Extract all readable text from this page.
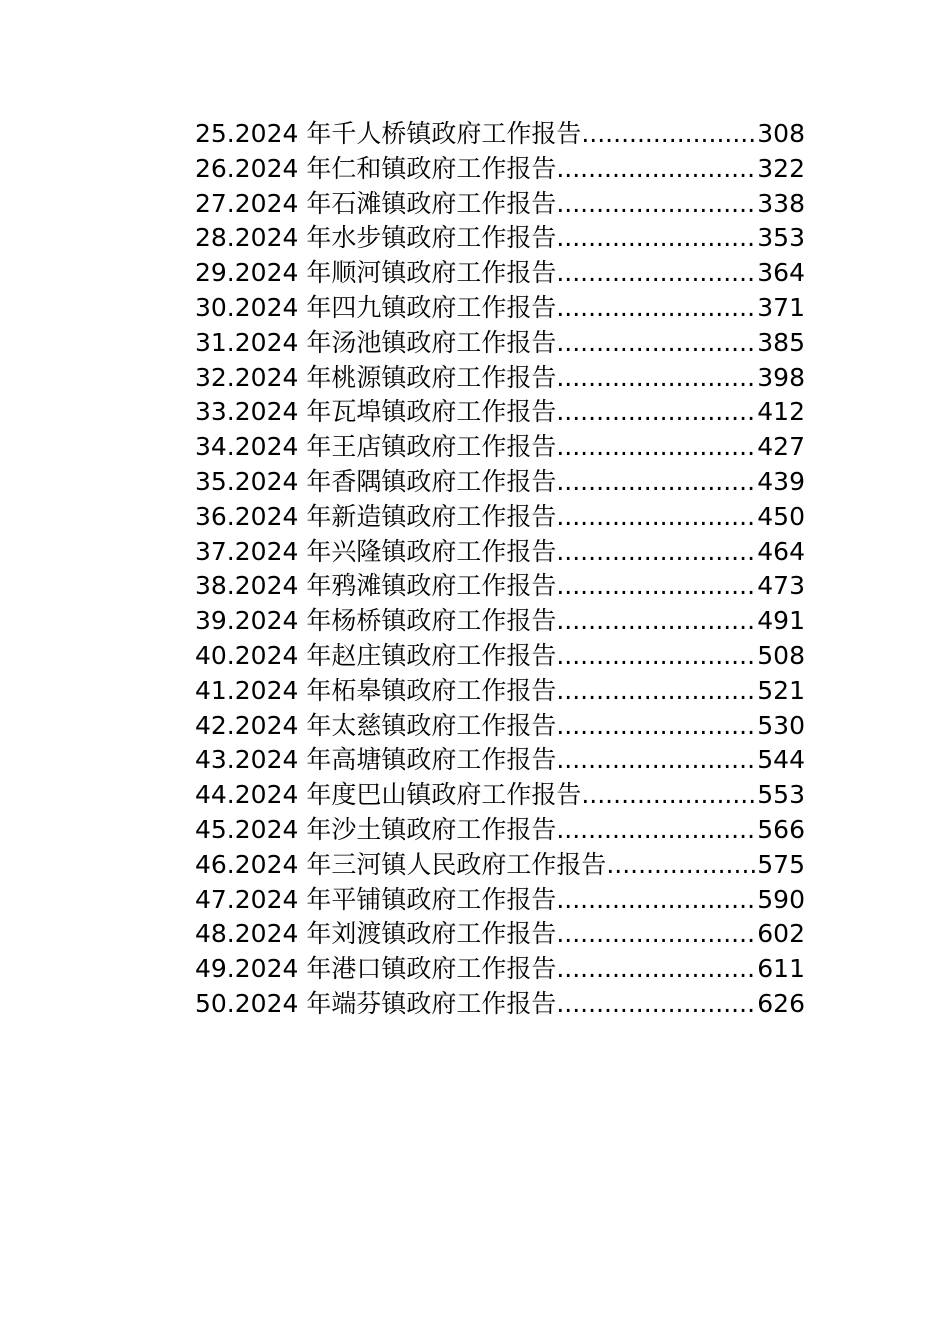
25.2024 年千人桥镇政府工作报告 .....	308
26.2024 年仁和镇政府工作报告 .....	322
27.2024 年石滩镇政府工作报告 .....	338
28.2024 年水步镇政府工作报告 .....	353
29.2024 年顺河镇政府工作报告 .....	364
30.2024 年四九镇政府工作报告 .....	371
31.2024 年汤池镇政府工作报告 .....	385
32.2024 年桃源镇政府工作报告 .....	398
33.2024 年瓦埠镇政府工作报告 .....	412
34.2024 年王店镇政府工作报告 .....	427
35.2024 年香隅镇政府工作报告 .....	439
36.2024 年新造镇政府工作报告 .....	450
37.2024 年兴隆镇政府工作报告 .....	464
38.2024 年鸦滩镇政府工作报告 .....	473
39.2024 年杨桥镇政府工作报告 .....	491
40.2024 年赵庄镇政府工作报告 .....	508
41.2024 年柘皋镇政府工作报告 .....	521
42.2024 年太慈镇政府工作报告 .....	530
43.2024 年高塘镇政府工作报告 .....	544
44.2024 年度巴山镇政府工作报告 .....	553
45.2024 年沙土镇政府工作报告 .....	566
46.2024 年三河镇人民政府工作报告 .....	575
47.2024 年平铺镇政府工作报告 .....	590
48.2024 年刘渡镇政府工作报告 .....	602
49.2024 年港口镇政府工作报告 .....	611
50.2024 年端芬镇政府工作报告 .....	626
